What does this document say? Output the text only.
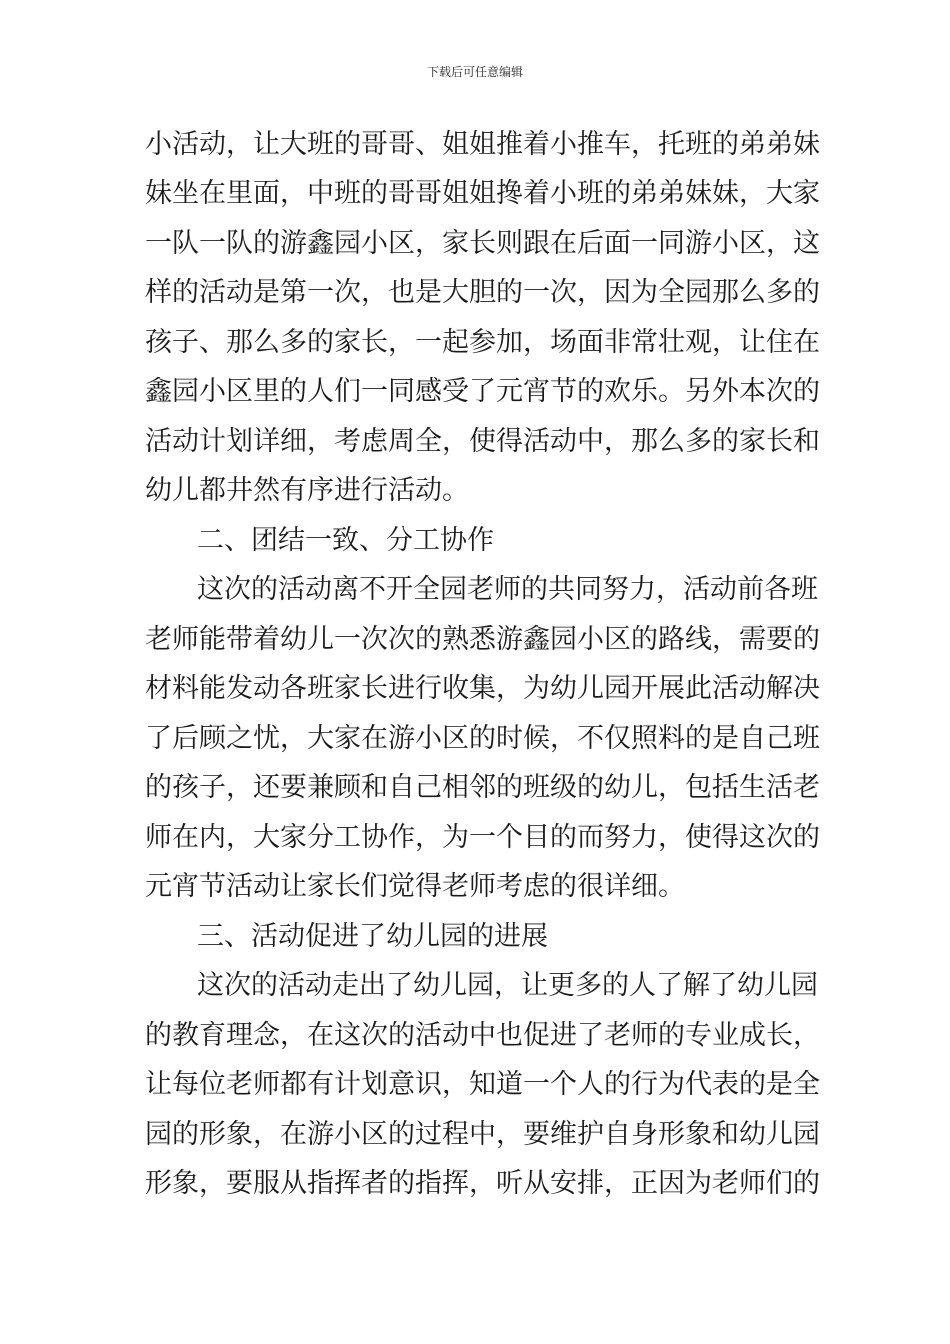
下载后可任意编辑
小活动，让大班的哥哥、姐姐推着小推车，托班的弟弟妹
妹坐在里面，中班的哥哥姐姐搀着小班的弟弟妹妹，大家
一队一队的游鑫园小区，家长则跟在后面一同游小区，这
样的活动是第一次，也是大胆的一次，因为全园那么多的
孩子、那么多的家长，一起参加，场面非常壮观，让住在
鑫园小区里的人们一同感受了元宵节的欢乐。另外本次的
活动计划详细，考虑周全，使得活动中，那么多的家长和
幼儿都井然有序进行活动。
二、团结一致、分工协作
这次的活动离不开全园老师的共同努力，活动前各班
老师能带着幼儿一次次的熟悉游鑫园小区的路线，需要的
材料能发动各班家长进行收集，为幼儿园开展此活动解决
了后顾之忧，大家在游小区的时候，不仅照料的是自己班
的孩子，还要兼顾和自己相邻的班级的幼儿，包括生活老
师在内，大家分工协作，为一个目的而努力，使得这次的
元宵节活动让家长们觉得老师考虑的很详细。
三、活动促进了幼儿园的进展
这次的活动走出了幼儿园，让更多的人了解了幼儿园
的教育理念，在这次的活动中也促进了老师的专业成长，
让每位老师都有计划意识，知道一个人的行为代表的是全
园的形象，在游小区的过程中，要维护自身形象和幼儿园
形象，要服从指挥者的指挥，听从安排，正因为老师们的
